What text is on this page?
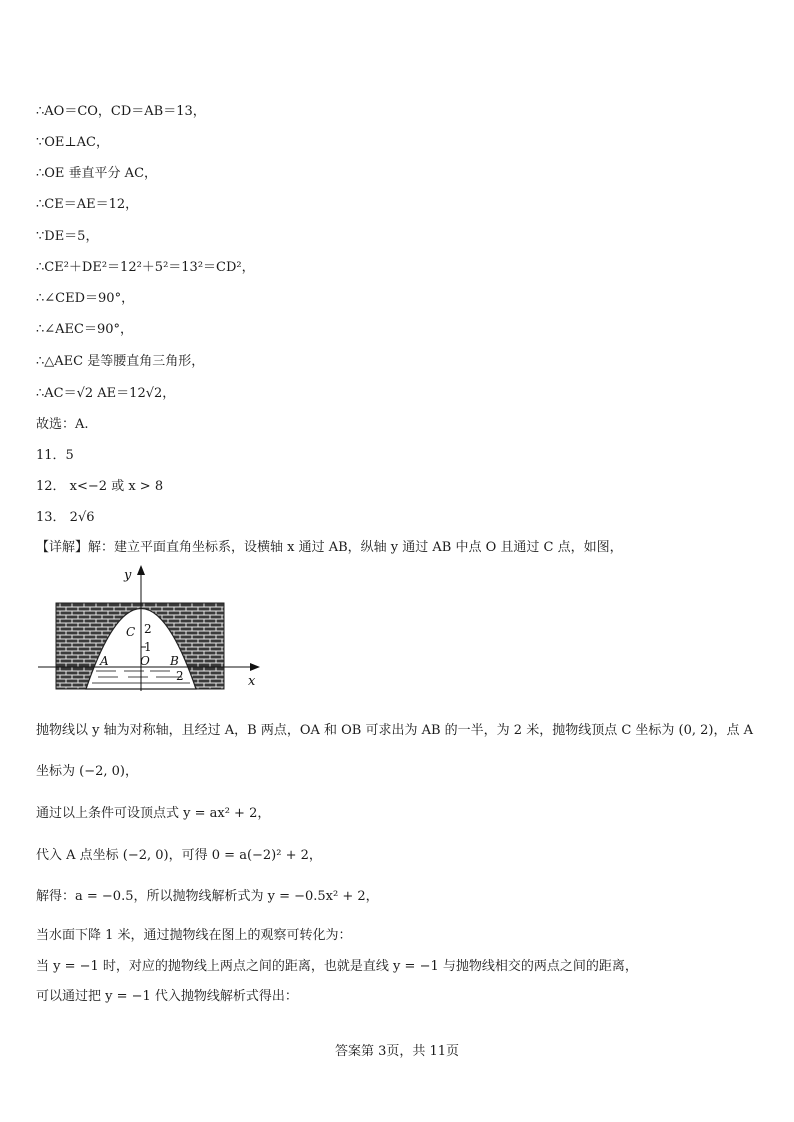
∴AO＝CO，CD＝AB＝13，
∵OE⊥AC，
∴OE 垂直平分 AC，
∴CE＝AE＝12，
∵DE＝5，
∴CE²＋DE²＝12²＋5²＝13²＝CD²，
∴∠CED＝90°，
∴∠AEC＝90°，
∴△AEC 是等腰直角三角形，
∴AC＝√2 AE＝12√2，
故选：A.
11．5
12． x<−2 或 x > 8
13． 2√6
【详解】解：建立平面直角坐标系，设横轴 x 通过 AB，纵轴 y 通过 AB 中点 O 且通过 C 点，如图，
y
x
C 2
1
A	O B
2
抛物线以 y 轴为对称轴，且经过 A，B 两点，OA 和 OB 可求出为 AB 的一半，为 2 米，抛物线顶点 C 坐标为 (0, 2)，点 A
坐标为 (−2, 0)，
通过以上条件可设顶点式 y = ax² + 2，
代入 A 点坐标 (−2, 0)，可得 0 = a(−2)² + 2，
解得：a = −0.5，所以抛物线解析式为 y = −0.5x² + 2，
当水面下降 1 米，通过抛物线在图上的观察可转化为：
当 y = −1 时，对应的抛物线上两点之间的距离，也就是直线 y = −1 与抛物线相交的两点之间的距离，
可以通过把 y = −1 代入抛物线解析式得出：
答案第 3页，共 11页
